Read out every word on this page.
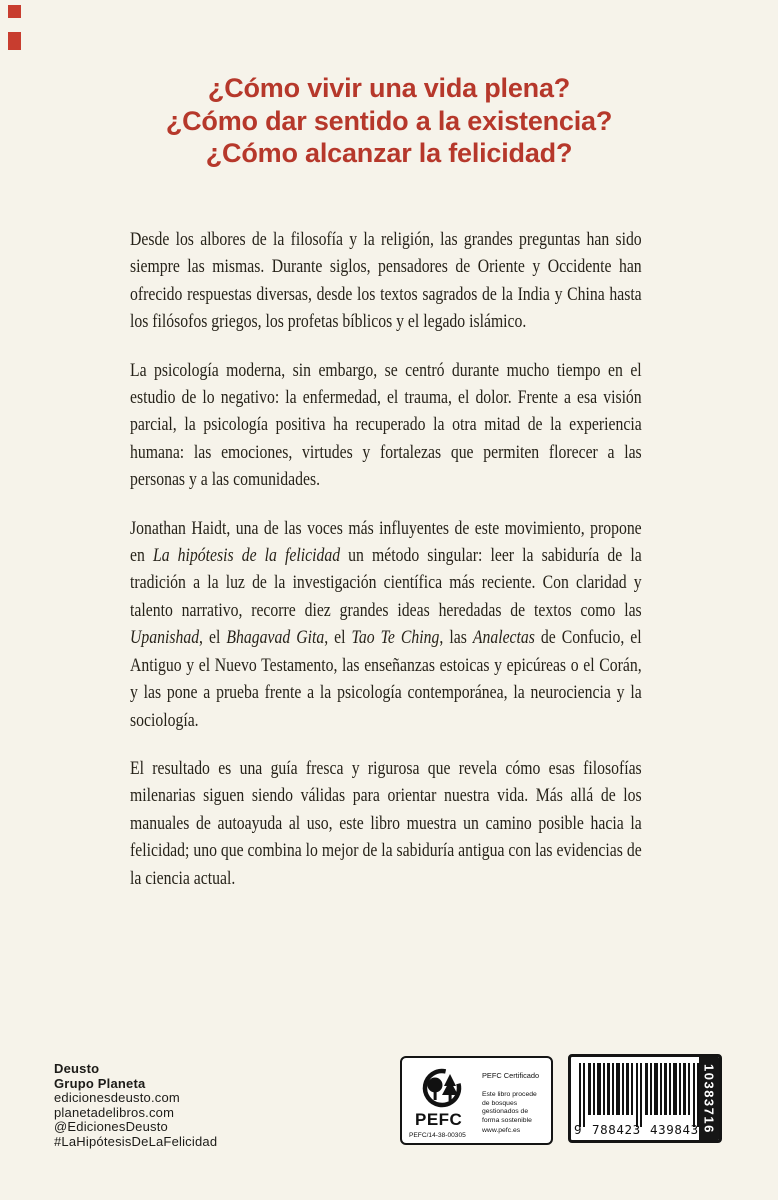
¿Cómo vivir una vida plena?
¿Cómo dar sentido a la existencia?
¿Cómo alcanzar la felicidad?

Desde los albores de la filosofía y la religión, las grandes preguntas han sido siempre las mismas. Durante siglos, pensadores de Oriente y Occidente han ofrecido respuestas diversas, desde los textos sagrados de la India y China hasta los filósofos griegos, los profetas bíblicos y el legado islámico.

La psicología moderna, sin embargo, se centró durante mucho tiempo en el estudio de lo negativo: la enfermedad, el trauma, el dolor. Frente a esa visión parcial, la psicología positiva ha recuperado la otra mitad de la experiencia humana: las emociones, virtudes y fortalezas que permiten florecer a las personas y a las comunidades.

Jonathan Haidt, una de las voces más influyentes de este movimiento, propone en La hipótesis de la felicidad un método singular: leer la sabiduría de la tradición a la luz de la investigación científica más reciente. Con claridad y talento narrativo, recorre diez grandes ideas heredadas de textos como las Upanishad, el Bhagavad Gita, el Tao Te Ching, las Analectas de Confucio, el Antiguo y el Nuevo Testamento, las enseñanzas estoicas y epicúreas o el Corán, y las pone a prueba frente a la psicología contemporánea, la neurociencia y la sociología.

El resultado es una guía fresca y rigurosa que revela cómo esas filosofías milenarias siguen siendo válidas para orientar nuestra vida. Más allá de los manuales de autoayuda al uso, este libro muestra un camino posible hacia la felicidad; uno que combina lo mejor de la sabiduría antigua con las evidencias de la ciencia actual.

Deusto
Grupo Planeta
edicionesdeusto.com
planetadelibros.com
@EdicionesDeusto
#LaHipótesisDeLaFelicidad
PEFC
PEFC/14-38-00305
PEFC Certificado
Este libro procede de bosques gestionados de forma sostenible
www.pefc.es	9 788423 439843 10383716
